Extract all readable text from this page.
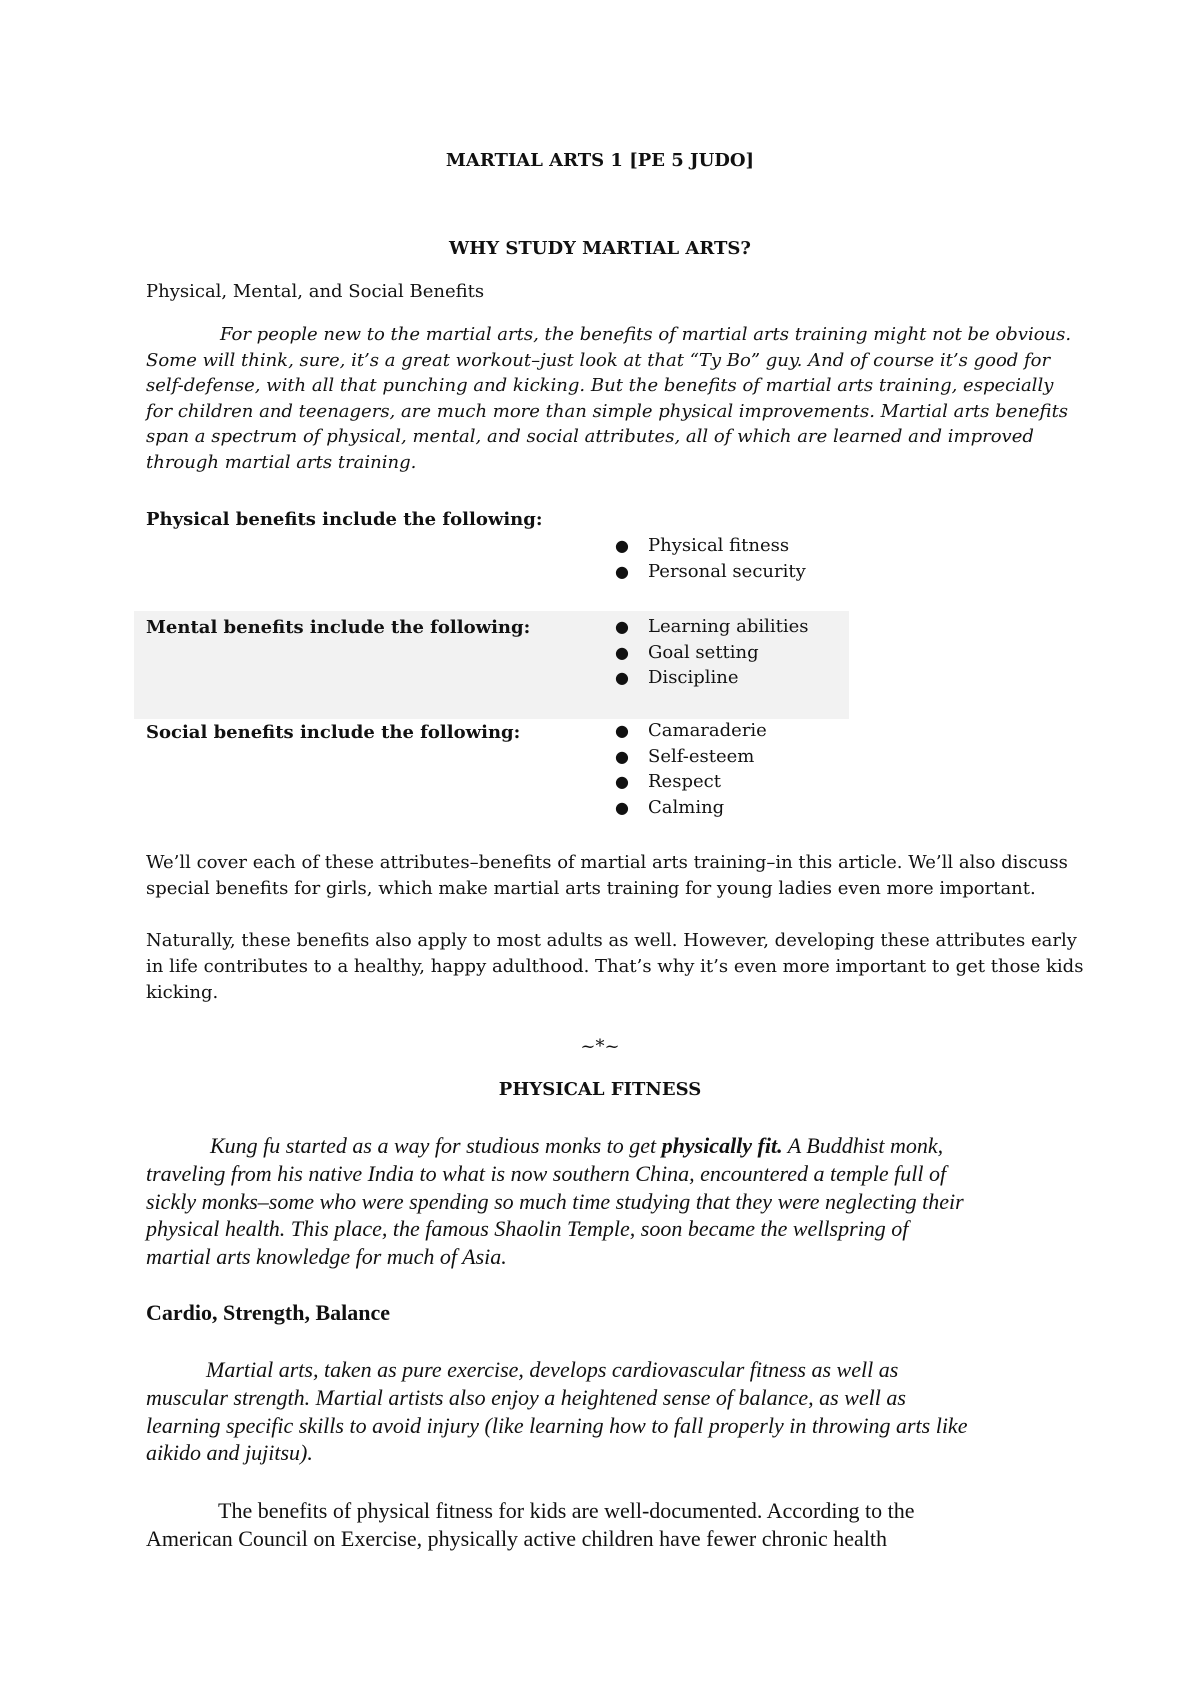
MARTIAL ARTS 1 [PE 5 JUDO]
WHY STUDY MARTIAL ARTS?
Physical, Mental, and Social Benefits

For people new to the martial arts, the benefits of martial arts training might not be obvious.

Some will think, sure, it’s a great workout–just look at that “Ty Bo” guy. And of course it’s good for

self-defense, with all that punching and kicking. But the benefits of martial arts training, especially

for children and teenagers, are much more than simple physical improvements. Martial arts benefits

span a spectrum of physical, mental, and social attributes, all of which are learned and improved

through martial arts training.

Physical benefits include the following:
● Physical fitness
● Personal security
Mental benefits include the following:	● Learning abilities
● Goal setting
● Discipline
Social benefits include the following:	● Camaraderie
● Self-esteem
● Respect
● Calming

We’ll cover each of these attributes–benefits of martial arts training–in this article. We’ll also discuss

special benefits for girls, which make martial arts training for young ladies even more important.

Naturally, these benefits also apply to most adults as well. However, developing these attributes early

in life contributes to a healthy, happy adulthood. That’s why it’s even more important to get those kids

kicking.

~*~
PHYSICAL FITNESS

Kung fu started as a way for studious monks to get physically fit. A Buddhist monk,

traveling from his native India to what is now southern China, encountered a temple full of

sickly monks–some who were spending so much time studying that they were neglecting their

physical health. This place, the famous Shaolin Temple, soon became the wellspring of

martial arts knowledge for much of Asia.

Cardio, Strength, Balance

Martial arts, taken as pure exercise, develops cardiovascular fitness as well as

muscular strength. Martial artists also enjoy a heightened sense of balance, as well as

learning specific skills to avoid injury (like learning how to fall properly in throwing arts like

aikido and jujitsu).

The benefits of physical fitness for kids are well-documented. According to the

American Council on Exercise, physically active children have fewer chronic health
